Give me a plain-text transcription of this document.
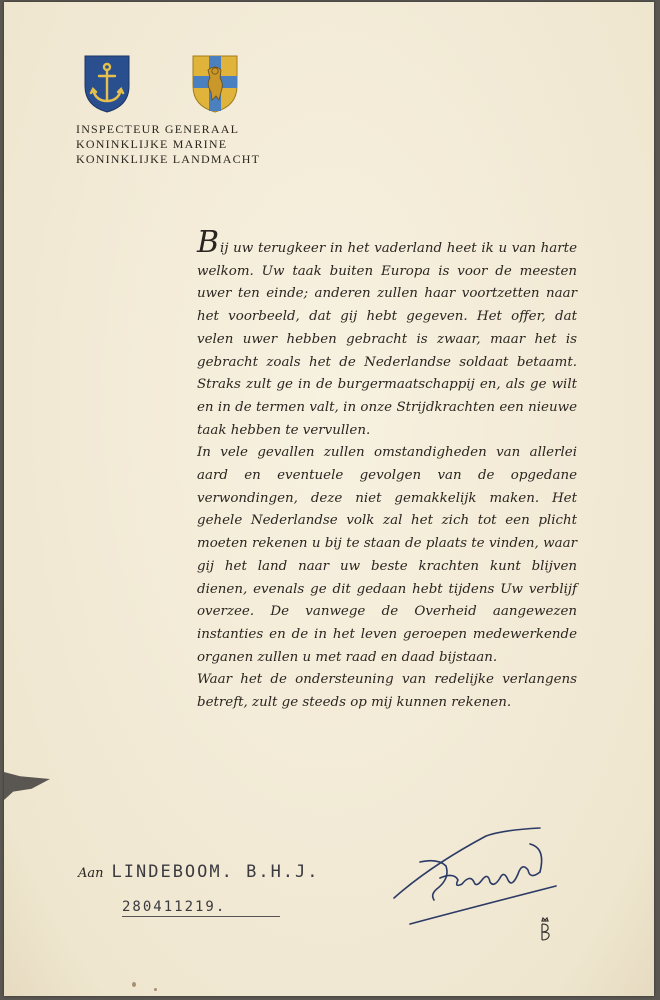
INSPECTEUR GENERAAL
KONINKLIJKE MARINE
KONINKLIJKE LANDMACHT

Bij uw terugkeer in het vaderland heet ik u van harte welkom. Uw taak buiten Europa is voor de meesten uwer ten einde; anderen zullen haar voortzetten naar het voorbeeld, dat gij hebt gegeven. Het offer, dat velen uwer hebben gebracht is zwaar, maar het is gebracht zoals het de Nederlandse soldaat betaamt. Straks zult ge in de burgermaatschappij en, als ge wilt en in de termen valt, in onze Strijdkrachten een nieuwe taak hebben te vervullen.

In vele gevallen zullen omstandigheden van allerlei aard en eventuele gevolgen van de opgedane verwondingen, deze niet gemakkelijk maken. Het gehele Nederlandse volk zal het zich tot een plicht moeten rekenen u bij te staan de plaats te vinden, waar gij het land naar uw beste krachten kunt blijven dienen, evenals ge dit gedaan hebt tijdens Uw verblijf overzee. De vanwege de Overheid aangewezen instanties en de in het leven geroepen medewerkende organen zullen u met raad en daad bijstaan.

Waar het de ondersteuning van redelijke verlangens betreft, zult ge steeds op mij kunnen rekenen.

Aan LINDEBOOM. B.H.J.
280411219.
